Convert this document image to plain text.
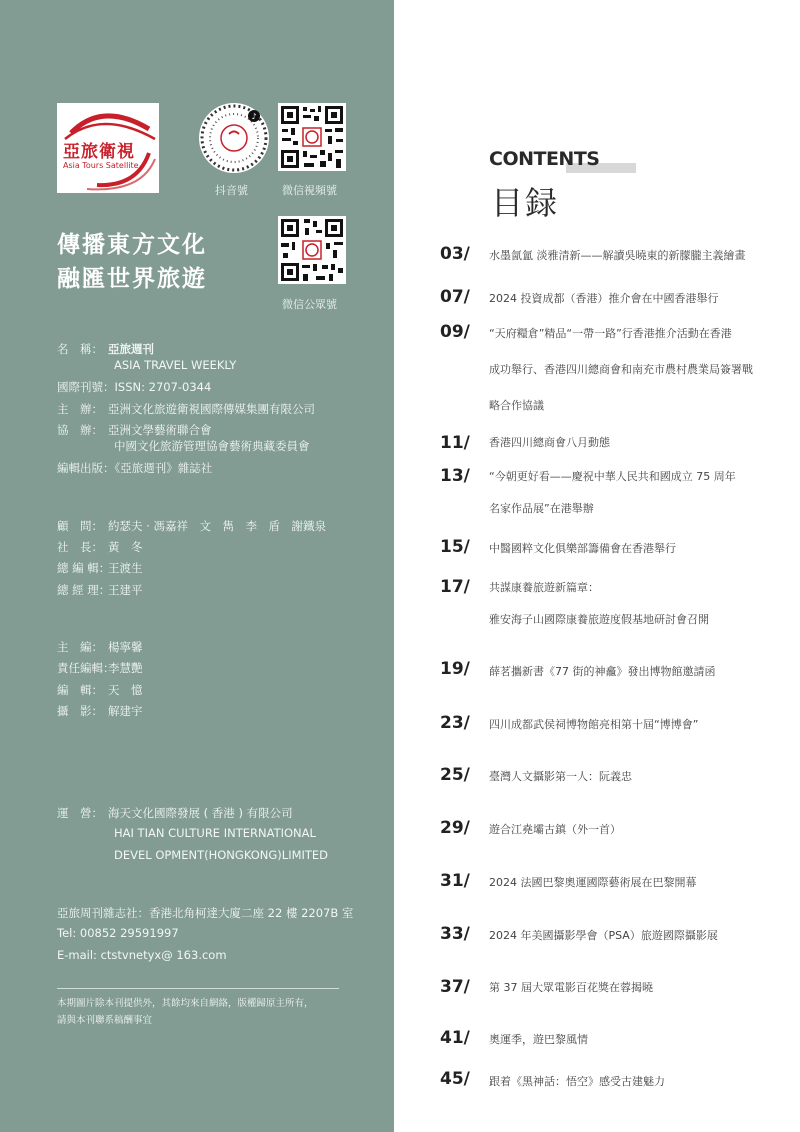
亞旅衛視
Asia Tours Satellite
♪
抖音號	微信視頻號
傳播東方文化
融匯世界旅遊
微信公眾號
名　稱： 亞旅週刊
ASIA TRAVEL WEEKLY
國際刊號：ISSN: 2707-0344
主　辦： 亞洲文化旅遊衛視國際傳媒集團有限公司
協　辦： 亞洲文學藝術聯合會
中國文化旅游管理協會藝術典藏委員會
編輯出版：《亞旅週刊》雜誌社
顧　問： 約瑟夫 · 馮嘉祥　文　雋　李　盾　謝鐵泉
社　長： 黃　冬
總 編 輯：王渡生
總 經 理：王建平
主　編： 楊寧馨
責任編輯：李慧艷
編　輯： 天　憶
攝　影： 解建宇
運　營： 海天文化國際發展 ( 香港 ) 有限公司
HAI TIAN CULTURE INTERNATIONAL
DEVEL OPMENT(HONGKONG)LIMITED
亞旅周刊雜志社：香港北角柯達大廈二座 22 樓 2207B 室
Tel: 00852 29591997
E-mail: ctstvnetyx@ 163.com
本期圖片除本刊提供外，其餘均來自網絡，版權歸原主所有，
請與本刊聯系稿酬事宜
CONTENTS
目録
03/ 水墨氤氳 淡雅清新——解讀吳曉東的新朦朧主義繪畫
07/ 2024 投資成都（香港）推介會在中國香港舉行
09/ “天府糧倉”精品“一帶一路”行香港推介活動在香港
成功舉行、香港四川總商會和南充市農村農業局簽署戰
略合作協議
11/ 香港四川總商會八月動態
13/ “今朝更好看——慶祝中華人民共和國成立 75 周年
名家作品展”在港舉辦
15/ 中醫國粹文化俱樂部籌備會在香港舉行
17/ 共謀康養旅遊新篇章：
雅安海子山國際康養旅遊度假基地研討會召開
19/ 薛茗攜新書《77 街的神龕》發出博物館邀請函
23/ 四川成都武侯祠博物館亮相第十屆“博博會”
25/ 臺灣人文攝影第一人：阮義忠
29/ 遊合江堯壩古鎮（外一首）
31/ 2024 法國巴黎奧運國際藝術展在巴黎開幕
33/ 2024 年美國攝影學會（PSA）旅遊國際攝影展
37/ 第 37 屆大眾電影百花獎在蓉揭曉
41/ 奧運季，遊巴黎風情
45/ 跟着《黑神話：悟空》感受古建魅力
